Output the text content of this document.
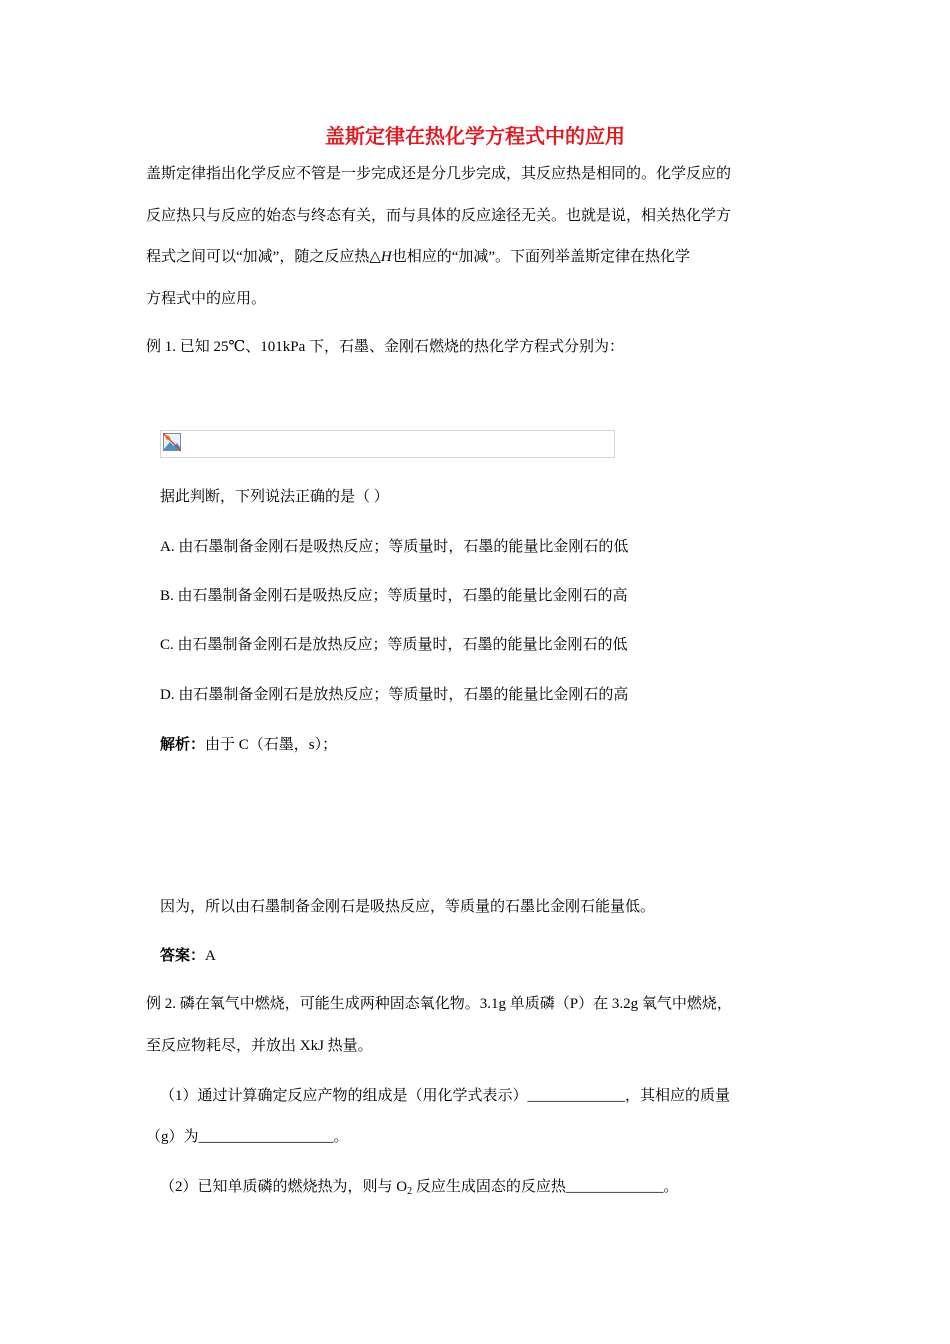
盖斯定律在热化学方程式中的应用
盖斯定律指出化学反应不管是一步完成还是分几步完成，其反应热是相同的。化学反应的
反应热只与反应的始态与终态有关，而与具体的反应途径无关。也就是说，相关热化学方
程式之间可以“加减”，随之反应热△H也相应的“加减”。下面列举盖斯定律在热化学
方程式中的应用。
例 1. 已知 25℃、101kPa 下，石墨、金刚石燃烧的热化学方程式分别为：
据此判断，下列说法正确的是（ ）
A. 由石墨制备金刚石是吸热反应；等质量时，石墨的能量比金刚石的低
B. 由石墨制备金刚石是吸热反应；等质量时，石墨的能量比金刚石的高
C. 由石墨制备金刚石是放热反应；等质量时，石墨的能量比金刚石的低
D. 由石墨制备金刚石是放热反应；等质量时，石墨的能量比金刚石的高
解析：由于 C（石墨，s）；
因为，所以由石墨制备金刚石是吸热反应，等质量的石墨比金刚石能量低。
答案：A
例 2. 磷在氧气中燃烧，可能生成两种固态氧化物。3.1g 单质磷（P）在 3.2g 氧气中燃烧，
至反应物耗尽，并放出 XkJ 热量。
（1）通过计算确定反应产物的组成是（用化学式表示）_____________，其相应的质量
（g）为__________________。
（2）已知单质磷的燃烧热为，则与 $O_2$ 反应生成固态的反应热_____________。
